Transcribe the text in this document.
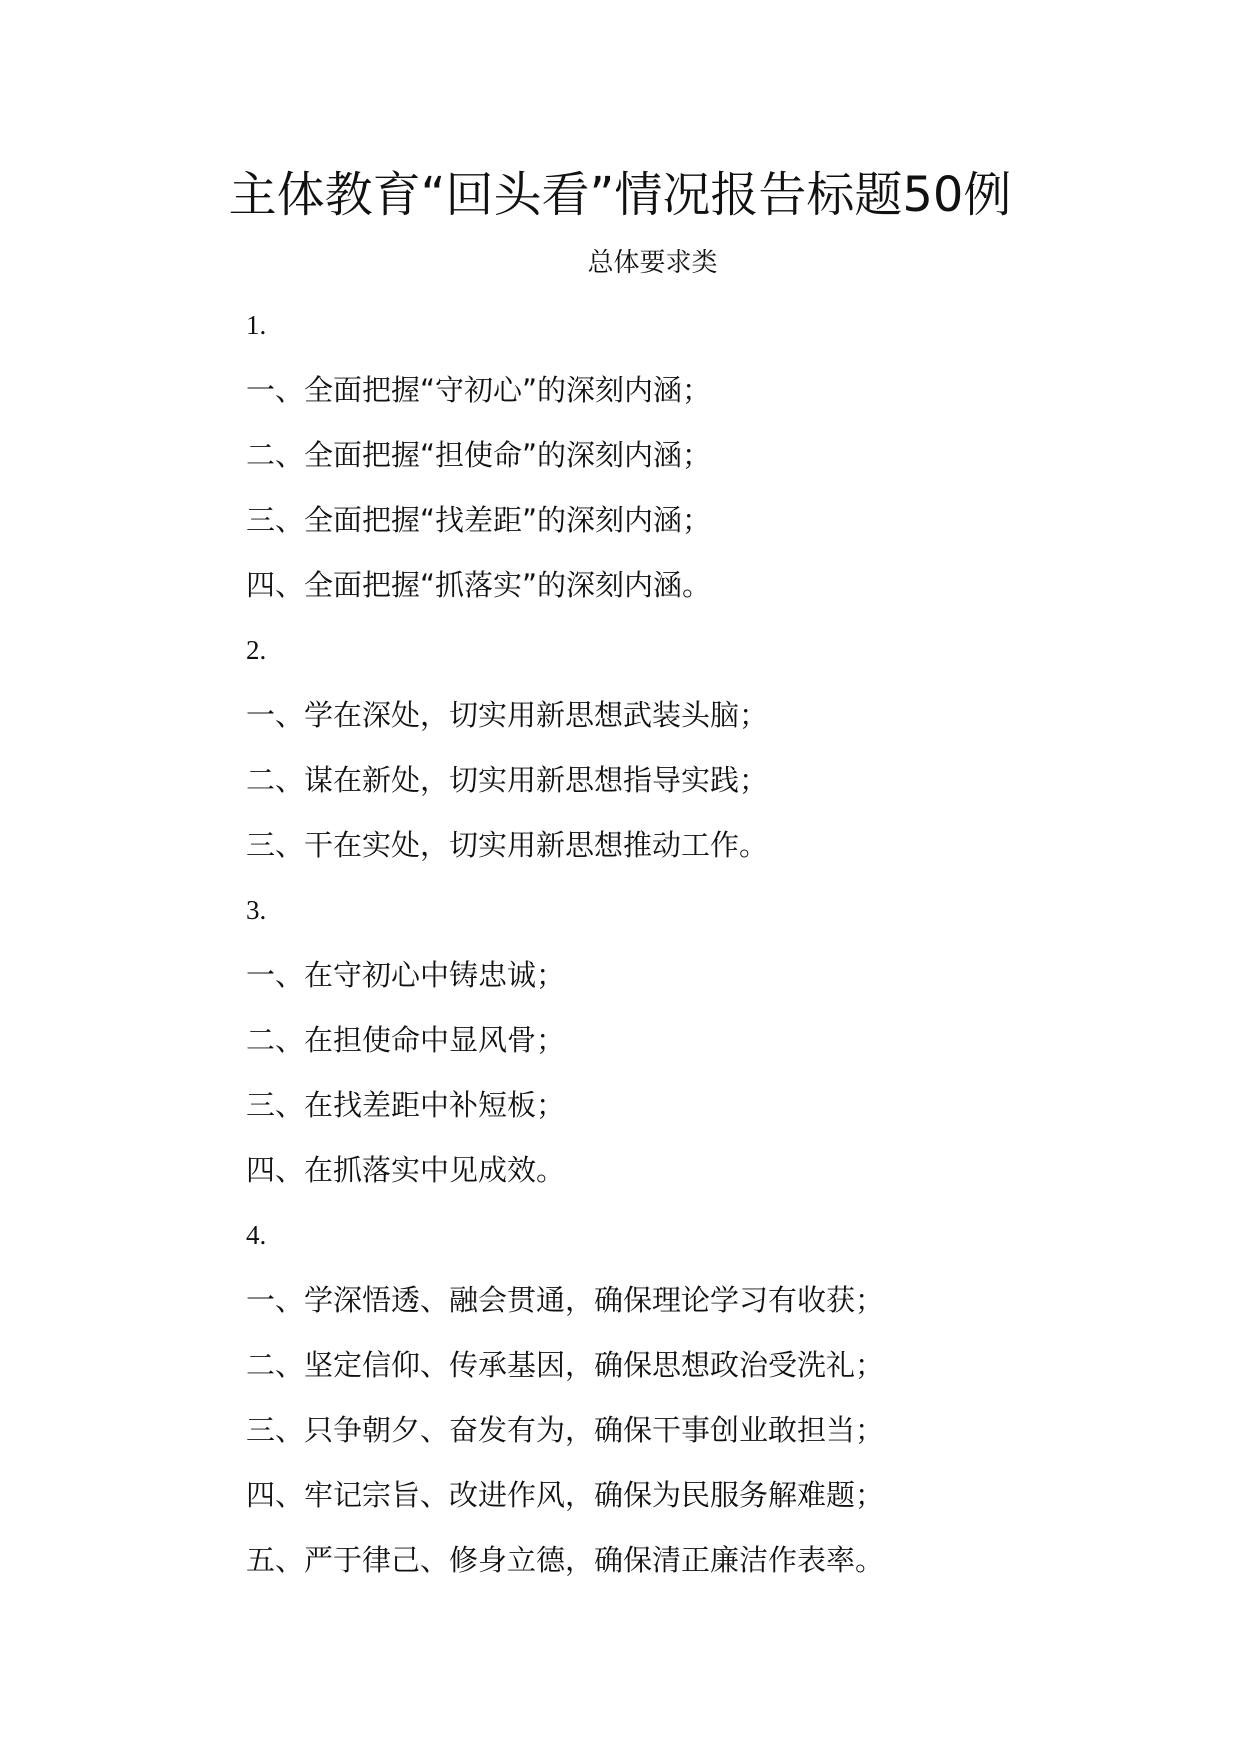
主体教育“回头看”情况报告标题50例
总体要求类
1.
一、全面把握“守初心”的深刻内涵；
二、全面把握“担使命”的深刻内涵；
三、全面把握“找差距”的深刻内涵；
四、全面把握“抓落实”的深刻内涵。
2.
一、学在深处，切实用新思想武装头脑；
二、谋在新处，切实用新思想指导实践；
三、干在实处，切实用新思想推动工作。
3.
一、在守初心中铸忠诚；
二、在担使命中显风骨；
三、在找差距中补短板；
四、在抓落实中见成效。
4.
一、学深悟透、融会贯通，确保理论学习有收获；
二、坚定信仰、传承基因，确保思想政治受洗礼；
三、只争朝夕、奋发有为，确保干事创业敢担当；
四、牢记宗旨、改进作风，确保为民服务解难题；
五、严于律己、修身立德，确保清正廉洁作表率。
